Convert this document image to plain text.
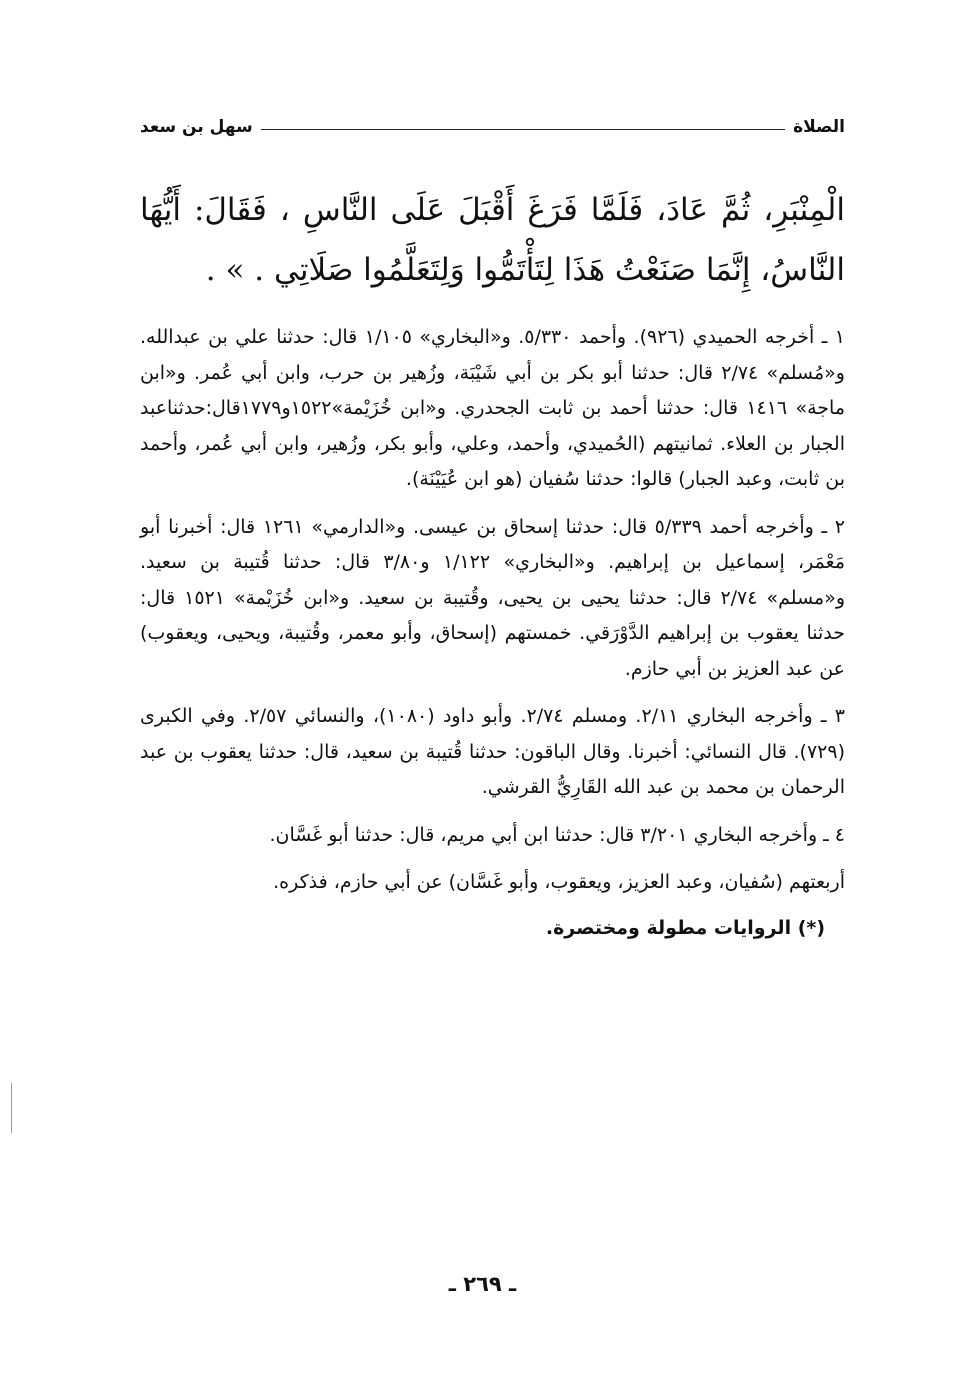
الصلاة
سهل بن سعد
الْمِنْبَرِ، ثُمَّ عَادَ، فَلَمَّا فَرَغَ أَقْبَلَ عَلَى النَّاسِ ، فَقَالَ: أَيُّهَا النَّاسُ، إِنَّمَا صَنَعْتُ هَذَا لِتَأْتَمُّوا وَلِتَعَلَّمُوا صَلَاتِي . » .

١ ـ أخرجه الحميدي (٩٢٦). وأحمد ٥/٣٣٠. و«البخاري» ١/١٠٥ قال: حدثنا علي بن عبدالله. و«مُسلم» ٢/٧٤ قال: حدثنا أبو بكر بن أبي شَيْبَة، وزُهير بن حرب، وابن أبي عُمر. و«ابن ماجة» ١٤١٦ قال: حدثنا أحمد بن ثابت الجحدري. و«ابن خُزَيْمة»١٥٢٢و١٧٧٩قال:حدثناعبد الجبار بن العلاء. ثمانيتهم (الحُميدي، وأحمد، وعلي، وأبو بكر، وزُهير، وابن أبي عُمر، وأحمد بن ثابت، وعبد الجبار) قالوا: حدثنا سُفيان (هو ابن عُيَيْنَة).

٢ ـ وأخرجه أحمد ٥/٣٣٩ قال: حدثنا إسحاق بن عيسى. و«الدارمي» ١٢٦١ قال: أخبرنا أبو مَعْمَر، إسماعيل بن إبراهيم. و«البخاري» ١/١٢٢ و٣/٨٠ قال: حدثنا قُتيبة بن سعيد. و«مسلم» ٢/٧٤ قال: حدثنا يحيى بن يحيى، وقُتيبة بن سعيد. و«ابن خُزَيْمة» ١٥٢١ قال: حدثنا يعقوب بن إبراهيم الدَّوْرَقي. خمستهم (إسحاق، وأبو معمر، وقُتيبة، ويحيى، ويعقوب) عن عبد العزيز بن أبي حازم.

٣ ـ وأخرجه البخاري ٢/١١. ومسلم ٢/٧٤. وأبو داود (١٠٨٠)، والنسائي ٢/٥٧. وفي الكبرى (٧٢٩). قال النسائي: أخبرنا. وقال الباقون: حدثنا قُتيبة بن سعيد، قال: حدثنا يعقوب بن عبد الرحمان بن محمد بن عبد الله القَارِيُّ القرشي.

٤ ـ وأخرجه البخاري ٣/٢٠١ قال: حدثنا ابن أبي مريم، قال: حدثنا أبو غَسَّان.

أربعتهم (سُفيان، وعبد العزيز، ويعقوب، وأبو غَسَّان) عن أبي حازم، فذكره.

(*) الروايات مطولة ومختصرة.

ـ ٢٦٩ ـ
